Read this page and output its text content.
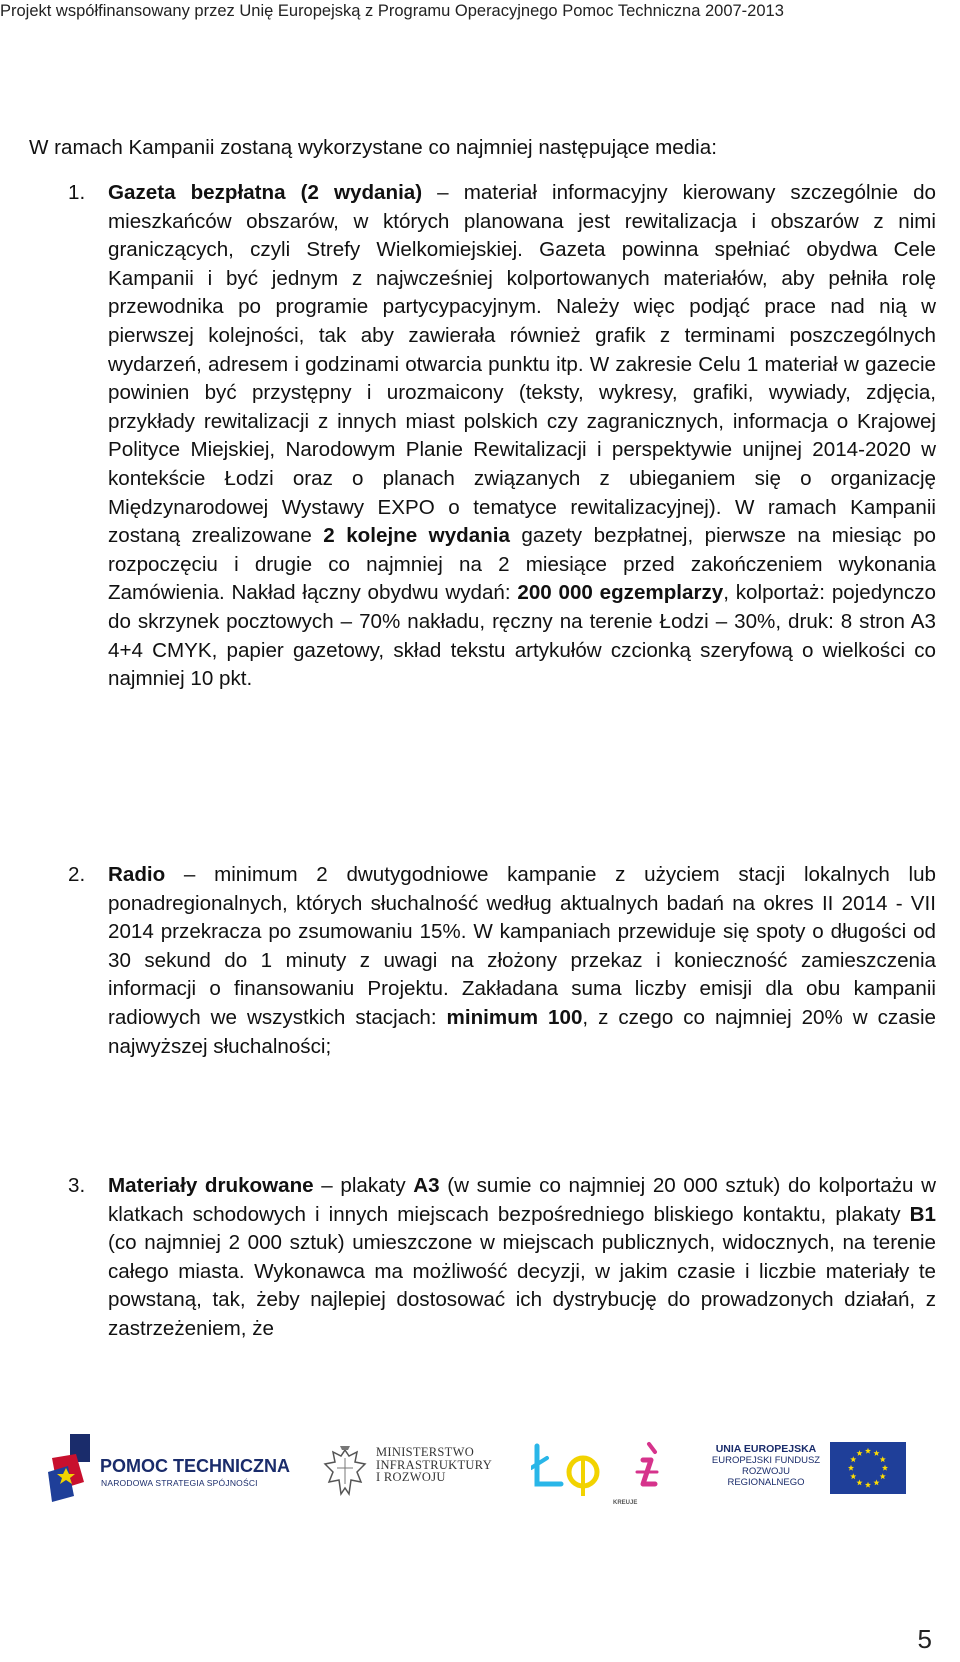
Projekt współfinansowany przez Unię Europejską z Programu Operacyjnego Pomoc Techniczna 2007-2013
W ramach Kampanii zostaną wykorzystane co najmniej następujące media:
1. Gazeta bezpłatna (2 wydania) – materiał informacyjny kierowany szczególnie do mieszkańców obszarów, w których planowana jest rewitalizacja i obszarów z nimi graniczących, czyli Strefy Wielkomiejskiej. Gazeta powinna spełniać obydwa Cele Kampanii i być jednym z najwcześniej kolportowanych materiałów, aby pełniła rolę przewodnika po programie partycypacyjnym. Należy więc podjąć prace nad nią w pierwszej kolejności, tak aby zawierała również grafik z terminami poszczególnych wydarzeń, adresem i godzinami otwarcia punktu itp. W zakresie Celu 1 materiał w gazecie powinien być przystępny i urozmaicony (teksty, wykresy, grafiki, wywiady, zdjęcia, przykłady rewitalizacji z innych miast polskich czy zagranicznych, informacja o Krajowej Polityce Miejskiej, Narodowym Planie Rewitalizacji i perspektywie unijnej 2014-2020 w kontekście Łodzi oraz o planach związanych z ubieganiem się o organizację Międzynarodowej Wystawy EXPO o tematyce rewitalizacyjnej). W ramach Kampanii zostaną zrealizowane 2 kolejne wydania gazety bezpłatnej, pierwsze na miesiąc po rozpoczęciu i drugie co najmniej na 2 miesiące przed zakończeniem wykonania Zamówienia. Nakład łączny obydwu wydań: 200 000 egzemplarzy, kolportaż: pojedynczo do skrzynek pocztowych – 70% nakładu, ręczny na terenie Łodzi – 30%, druk: 8 stron A3 4+4 CMYK, papier gazetowy, skład tekstu artykułów czcionką szeryfową o wielkości co najmniej 10 pkt.
2. Radio – minimum 2 dwutygodniowe kampanie z użyciem stacji lokalnych lub ponadregionalnych, których słuchalność według aktualnych badań na okres II 2014 - VII 2014 przekracza po zsumowaniu 15%. W kampaniach przewiduje się spoty o długości od 30 sekund do 1 minuty z uwagi na złożony przekaz i konieczność zamieszczenia informacji o finansowaniu Projektu. Zakładana suma liczby emisji dla obu kampanii radiowych we wszystkich stacjach: minimum 100, z czego co najmniej 20% w czasie najwyższej słuchalności;
3. Materiały drukowane – plakaty A3 (w sumie co najmniej 20 000 sztuk) do kolportażu w klatkach schodowych i innych miejscach bezpośredniego bliskiego kontaktu, plakaty B1 (co najmniej 2 000 sztuk) umieszczone w miejscach publicznych, widocznych, na terenie całego miasta. Wykonawca ma możliwość decyzji, w jakim czasie i liczbie materiały te powstaną, tak, żeby najlepiej dostosować ich dystrybucję do prowadzonych działań, z zastrzeżeniem, że
POMOC TECHNICZNA
NARODOWA STRATEGIA SPÓJNOŚCI
MINISTERSTWO
INFRASTRUKTURY
I ROZWOJU
KREUJE
UNIA EUROPEJSKA
EUROPEJSKI FUNDUSZ
ROZWOJU REGIONALNEGO
5
